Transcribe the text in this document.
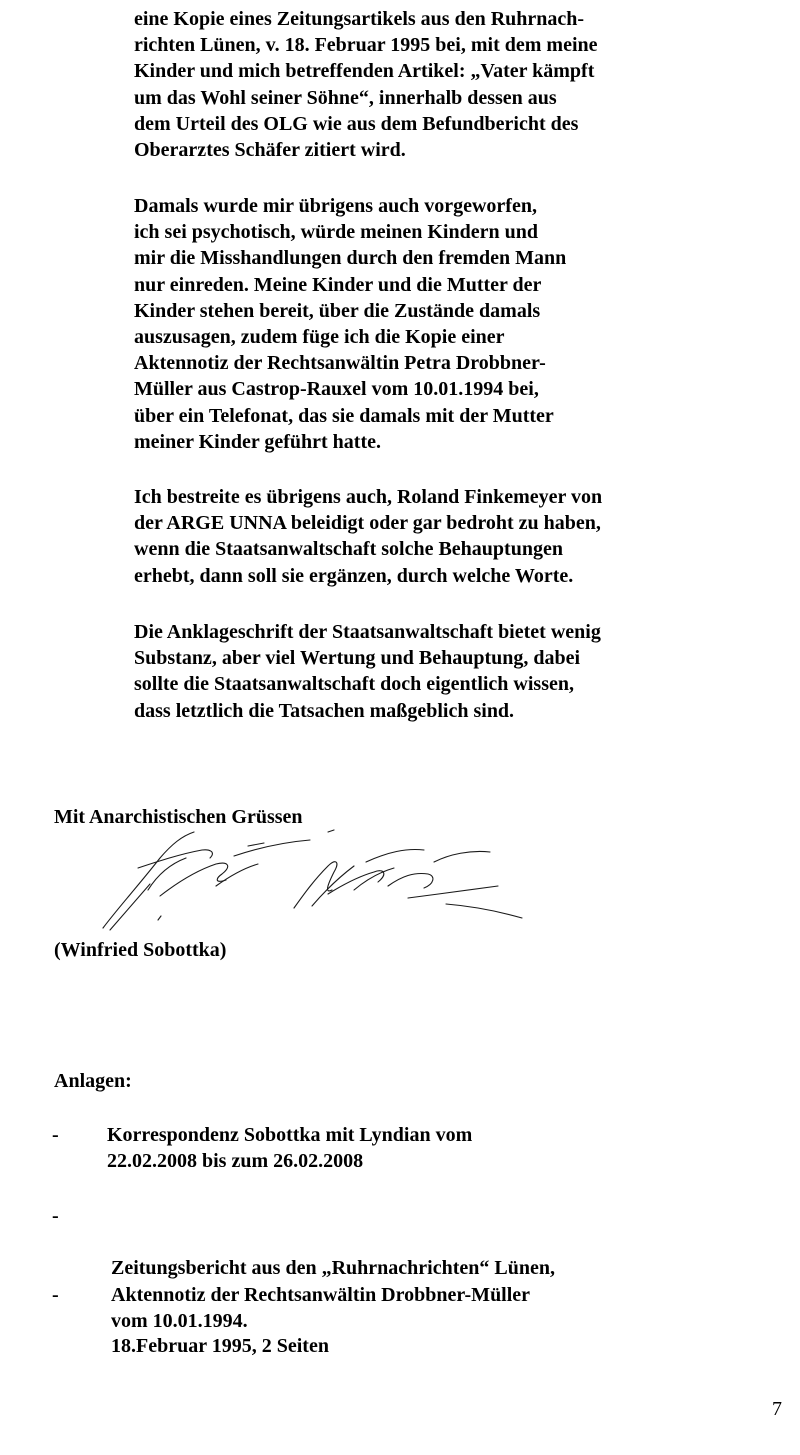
eine Kopie eines Zeitungsartikels aus den Ruhrnach-
richten Lünen, v. 18. Februar 1995 bei, mit dem meine
Kinder und mich betreffenden Artikel: „Vater kämpft
um das Wohl seiner Söhne“, innerhalb dessen aus
dem Urteil des OLG wie aus dem Befundbericht des
Oberarztes Schäfer zitiert wird.

Damals wurde mir übrigens auch vorgeworfen,
ich sei psychotisch, würde meinen Kindern und
mir die Misshandlungen durch den fremden Mann
nur einreden. Meine Kinder und die Mutter der
Kinder stehen bereit, über die Zustände damals
auszusagen, zudem füge ich die Kopie einer
Aktennotiz der Rechtsanwältin Petra Drobbner-
Müller aus Castrop-Rauxel vom 10.01.1994 bei,
über ein Telefonat, das sie damals mit der Mutter
meiner Kinder geführt hatte.

Ich bestreite es übrigens auch, Roland Finkemeyer von
der ARGE UNNA beleidigt oder gar bedroht zu haben,
wenn die Staatsanwaltschaft solche Behauptungen
erhebt, dann soll sie ergänzen, durch welche Worte.

Die Anklageschrift der Staatsanwaltschaft bietet wenig
Substanz, aber viel Wertung und Behauptung, dabei
sollte die Staatsanwaltschaft doch eigentlich wissen,
dass letztlich die Tatsachen maßgeblich sind.

Mit Anarchistischen Grüssen

(Winfried Sobottka)

Anlagen:

- Korrespondenz Sobottka mit Lyndian vom
22.02.2008 bis zum 26.02.2008
-

Zeitungsbericht aus den „Ruhrnachrichten“ Lünen,

18.Februar 1995, 2 Seiten

-	Aktennotiz der Rechtsanwältin Drobbner-Müller
vom 10.01.1994.
7
